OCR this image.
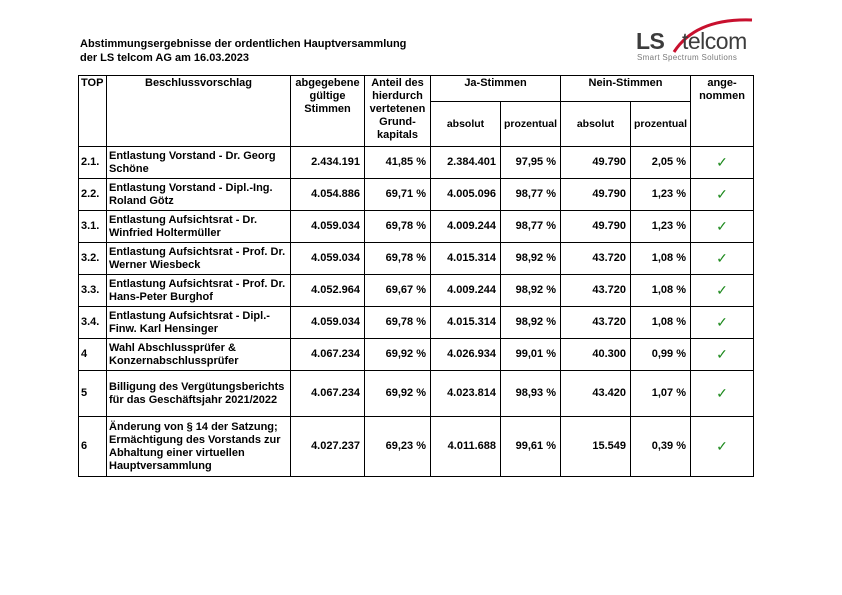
Abstimmungsergebnisse der ordentlichen Hauptversammlung
der LS telcom AG am 16.03.2023
LS telcom
Smart Spectrum Solutions
TOP	Beschlussvorschlag	abgegebene gültige Stimmen	Anteil des hierdurch vertetenen Grund-kapitals	Ja-Stimmen		Nein-Stimmen		ange-nommen
				absolut	prozentual	absolut	prozentual	
2.1.	Entlastung Vorstand - Dr. Georg Schöne	2.434.191	41,85 %	2.384.401	97,95 %	49.790	2,05 %	✓
2.2.	Entlastung Vorstand - Dipl.-Ing. Roland Götz	4.054.886	69,71 %	4.005.096	98,77 %	49.790	1,23 %	✓
3.1.	Entlastung Aufsichtsrat - Dr. Winfried Holtermüller	4.059.034	69,78 %	4.009.244	98,77 %	49.790	1,23 %	✓
3.2.	Entlastung Aufsichtsrat - Prof. Dr. Werner Wiesbeck	4.059.034	69,78 %	4.015.314	98,92 %	43.720	1,08 %	✓
3.3.	Entlastung Aufsichtsrat - Prof. Dr. Hans-Peter Burghof	4.052.964	69,67 %	4.009.244	98,92 %	43.720	1,08 %	✓
3.4.	Entlastung Aufsichtsrat - Dipl.-Finw. Karl Hensinger	4.059.034	69,78 %	4.015.314	98,92 %	43.720	1,08 %	✓
4	Wahl Abschlussprüfer & Konzernabschlussprüfer	4.067.234	69,92 %	4.026.934	99,01 %	40.300	0,99 %	✓
5	Billigung des Vergütungsberichts für das Geschäftsjahr 2021/2022	4.067.234	69,92 %	4.023.814	98,93 %	43.420	1,07 %	✓
6	Änderung von § 14 der Satzung; Ermächtigung des Vorstands zur Abhaltung einer virtuellen Hauptversammlung	4.027.237	69,23 %	4.011.688	99,61 %	15.549	0,39 %	✓
